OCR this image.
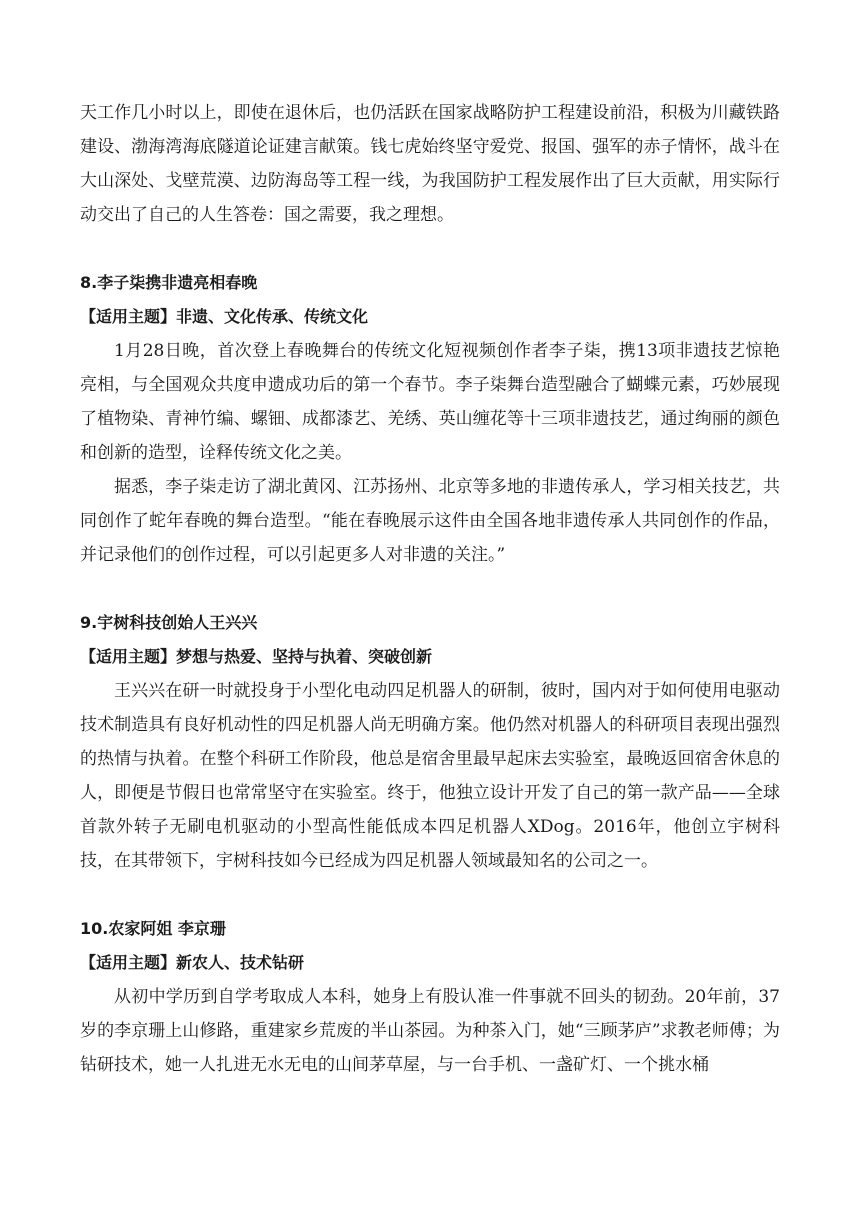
天工作几小时以上，即使在退休后，也仍活跃在国家战略防护工程建设前沿，积极为川藏铁路建设、渤海湾海底隧道论证建言献策。钱七虎始终坚守爱党、报国、强军的赤子情怀，战斗在大山深处、戈壁荒漠、边防海岛等工程一线，为我国防护工程发展作出了巨大贡献，用实际行动交出了自己的人生答卷：国之需要，我之理想。

8.李子柒携非遗亮相春晚

【适用主题】非遗、文化传承、传统文化

1月28日晚，首次登上春晚舞台的传统文化短视频创作者李子柒，携13项非遗技艺惊艳亮相，与全国观众共度申遗成功后的第一个春节。李子柒舞台造型融合了蝴蝶元素，巧妙展现了植物染、青神竹编、螺钿、成都漆艺、羌绣、英山缠花等十三项非遗技艺，通过绚丽的颜色和创新的造型，诠释传统文化之美。

据悉，李子柒走访了湖北黄冈、江苏扬州、北京等多地的非遗传承人，学习相关技艺，共同创作了蛇年春晚的舞台造型。“能在春晚展示这件由全国各地非遗传承人共同创作的作品，并记录他们的创作过程，可以引起更多人对非遗的关注。”

9.宇树科技创始人王兴兴

【适用主题】梦想与热爱、坚持与执着、突破创新

王兴兴在研一时就投身于小型化电动四足机器人的研制，彼时，国内对于如何使用电驱动技术制造具有良好机动性的四足机器人尚无明确方案。他仍然对机器人的科研项目表现出强烈的热情与执着。在整个科研工作阶段，他总是宿舍里最早起床去实验室，最晚返回宿舍休息的人，即便是节假日也常常坚守在实验室。终于，他独立设计开发了自己的第一款产品——全球首款外转子无刷电机驱动的小型高性能低成本四足机器人XDog。2016年，他创立宇树科技，在其带领下，宇树科技如今已经成为四足机器人领域最知名的公司之一。

10.农家阿姐 李京珊

【适用主题】新农人、技术钻研

从初中学历到自学考取成人本科，她身上有股认准一件事就不回头的韧劲。20年前，37岁的李京珊上山修路，重建家乡荒废的半山茶园。为种茶入门，她“三顾茅庐”求教老师傅；为钻研技术，她一人扎进无水无电的山间茅草屋，与一台手机、一盏矿灯、一个挑水桶
